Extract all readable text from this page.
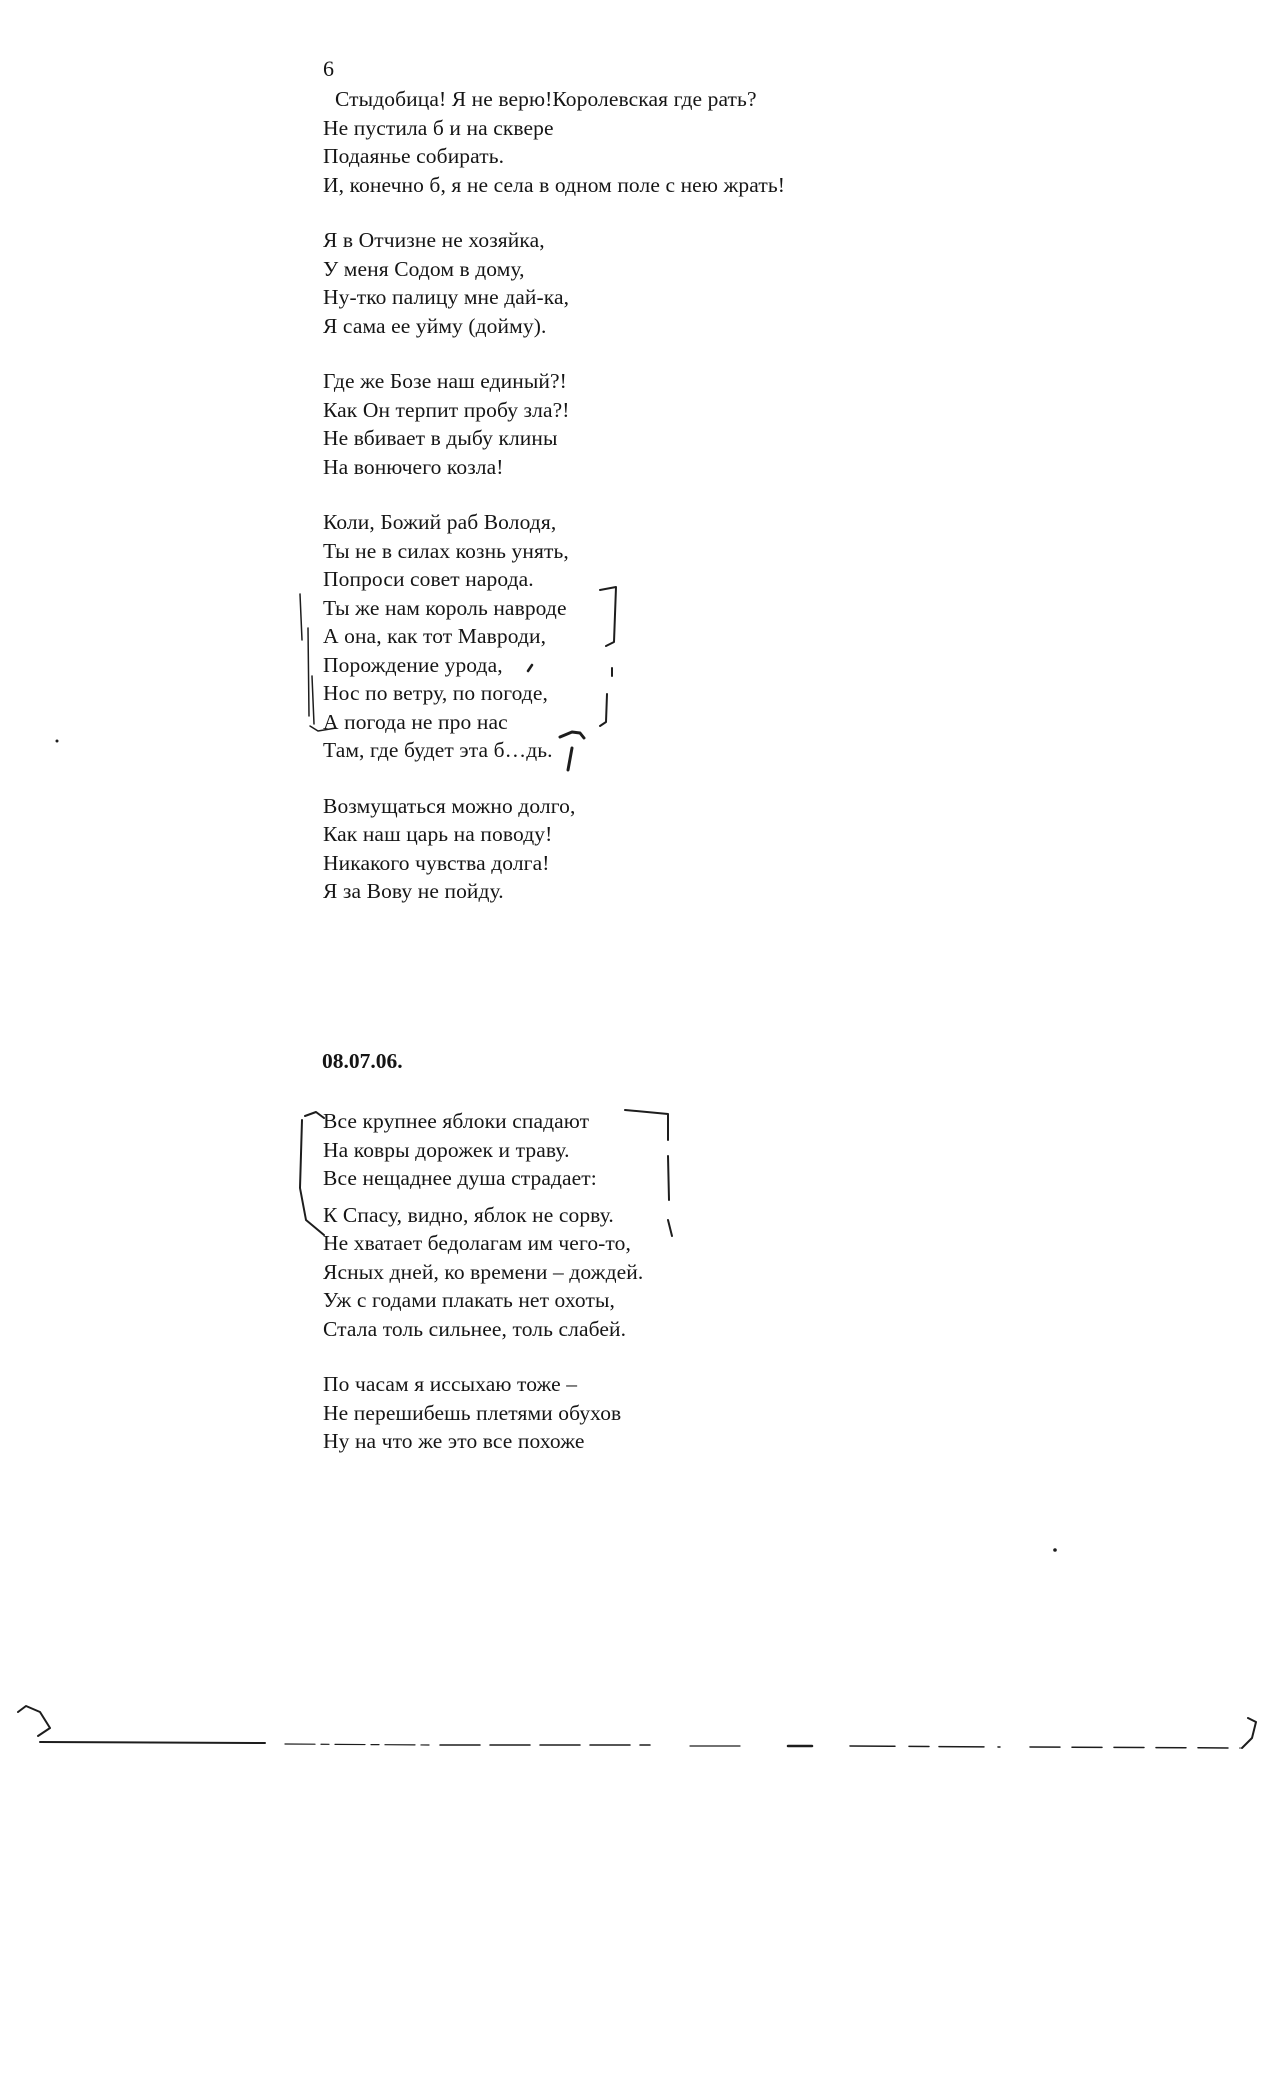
6
Стыдобица! Я не верю!Королевская где рать?
Не пустила б и на сквере
Подаяньe собирать.
И, конечно б, я не села в одном поле с нею жрать!
Я в Отчизне не хозяйка,
У меня Содом в дому,
Ну-тко палицу мне дай-ка,
Я сама ее уйму (дойму).
Где же Бозе наш единый?!
Как Он терпит пробу зла?!
Не вбивает в дыбу клины
На вонючего козла!
Коли, Божий раб Володя,
Ты не в силах кознь унять,
Попроси совет народа.
Ты же нам король навроде
А она, как тот Мавроди,
Порождение урода,
Нос по ветру, по погоде,
А погода не про нас
Там, где будет эта б…дь.
Возмущаться можно долго,
Как наш царь на поводу!
Никакого чувства долга!
Я за Вову не пойду.
08.07.06.
Все крупнее яблоки спадают
На ковры дорожек и траву.
Все нещаднее душа страдает:
К Спасу, видно, яблок не сорву.
Не хватает бедолагам им чего-то,
Ясных дней, ко времени – дождей.
Уж с годами плакать нет охоты,
Стала толь сильнее, толь слабей.
По часам я иссыхаю тоже –
Не перешибешь плетями обухов
Ну на что же это все похоже
